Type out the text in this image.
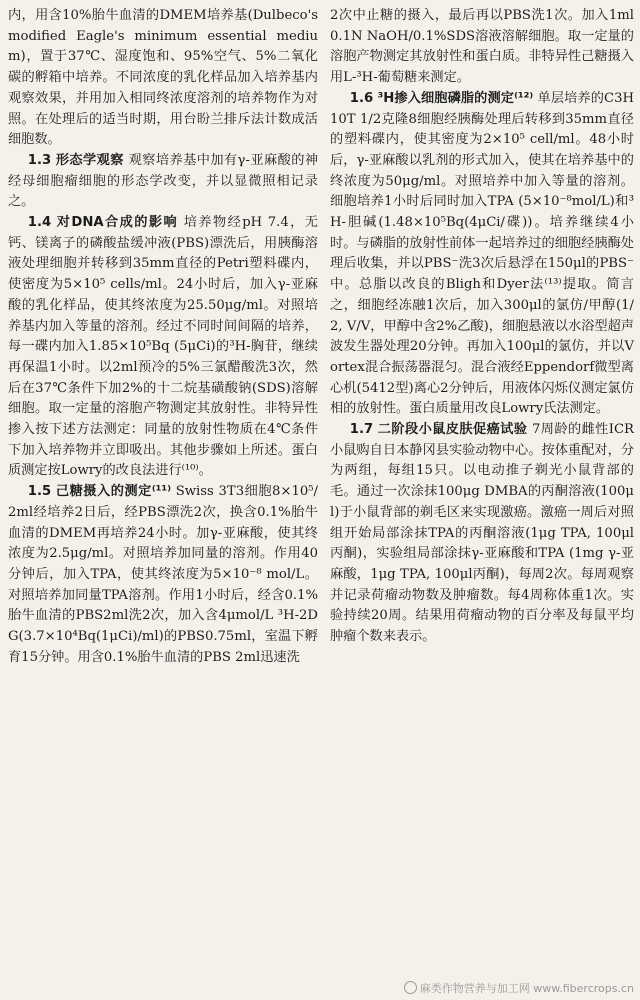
内，用含10%胎牛血清的DMEM培养基(Dulbeco's modified Eagle's minimum essential medium)，置于37℃、湿度饱和、95%空气、5%二氧化碳的孵箱中培养。不同浓度的乳化样品加入培养基内观察效果，并用加入相同终浓度溶剂的培养物作为对照。在处理后的适当时期，用台盼兰排斥法计数成活细胞数。

1.3 形态学观察 观察培养基中加有γ-亚麻酸的神经母细胞瘤细胞的形态学改变，并以显微照相记录之。
1.4 对DNA合成的影响 培养物经pH 7.4，无钙、镁离子的磷酸盐缓冲液(PBS)漂洗后，用胰酶溶液处理细胞并转移到35mm直径的Petri塑料碟内，使密度为5×10⁵ cells/ml。24小时后，加入γ-亚麻酸的乳化样品，使其终浓度为25.50μg/ml。对照培养基内加入等量的溶剂。经过不同时间间隔的培养，每一碟内加入1.85×10⁵Bq (5μCi)的³H-胸苷，继续再保温1小时。以2ml预冷的5%三氯醋酸洗3次，然后在37℃条件下加2%的十二烷基磺酸钠(SDS)溶解细胞。取一定量的溶胞产物测定其放射性。非特异性掺入按下述方法测定：同量的放射性物质在4℃条件下加入培养物并立即吸出。其他步骤如上所述。蛋白质测定按Lowry的改良法进行⁽¹⁰⁾。
1.5 己糖摄入的测定⁽¹¹⁾ Swiss 3T3细胞8×10⁵/2ml经培养2日后，经PBS漂洗2次，换含0.1%胎牛血清的DMEM再培养24小时。加γ-亚麻酸，使其终浓度为2.5μg/ml。对照培养加同量的溶剂。作用40分钟后，加入TPA，使其终浓度为5×10⁻⁸ mol/L。对照培养加同量TPA溶剂。作用1小时后，经含0.1%胎牛血清的PBS2ml洗2次，加入含4μmol/L ³H-2DG(3.7×10⁴Bq(1μCi)/ml)的PBS0.75ml，室温下孵育15分钟。用含0.1%胎牛血清的PBS 2ml迅速洗

2次中止糖的摄入，最后再以PBS洗1次。加入1ml 0.1N NaOH/0.1%SDS溶液溶解细胞。取一定量的溶胞产物测定其放射性和蛋白质。非特异性己糖摄入用L-³H-葡萄糖来测定。

1.6 ³H掺入细胞磷脂的测定⁽¹²⁾ 单层培养的C3H10T 1/2克隆8细胞经胰酶处理后转移到35mm直径的塑料碟内，使其密度为2×10⁵ cell/ml。48小时后，γ-亚麻酸以乳剂的形式加入，使其在培养基中的终浓度为50μg/ml。对照培养中加入等量的溶剂。细胞培养1小时后同时加入TPA (5×10⁻⁸mol/L)和³H-胆碱(1.48×10⁵Bq(4μCi/碟))。培养继续4小时。与磷脂的放射性前体一起培养过的细胞经胰酶处理后收集，并以PBS⁻洗3次后悬浮在150μl的PBS⁻中。总脂以改良的Bligh和Dyer法⁽¹³⁾提取。简言之，细胞经冻融1次后，加入300μl的氯仿/甲醇(1/2, V/V，甲醇中含2%乙酸)，细胞悬液以水浴型超声波发生器处理20分钟。再加入100μl的氯仿，并以Vortex混合振荡器混匀。混合液经Eppendorf微型离心机(5412型)离心2分钟后，用液体闪烁仪测定氯仿相的放射性。蛋白质量用改良Lowry氏法测定。
1.7 二阶段小鼠皮肤促癌试验 7周龄的雌性ICR小鼠购自日本静冈县实验动物中心。按体重配对，分为两组，每组15只。以电动推子剃光小鼠背部的毛。通过一次涂抹100μg DMBA的丙酮溶液(100μl)于小鼠背部的剃毛区来实现激癌。激癌一周后对照组开始局部涂抹TPA的丙酮溶液(1μg TPA, 100μl丙酮)，实验组局部涂抹γ-亚麻酸和TPA (1mg γ-亚麻酸，1μg TPA, 100μl丙酮)，每周2次。每周观察并记录荷瘤动物数及肿瘤数。每4周称体重1次。实验持续20周。结果用荷瘤动物的百分率及每鼠平均肿瘤个数来表示。
麻类作物营养与加工网 www.fibercrops.cn
